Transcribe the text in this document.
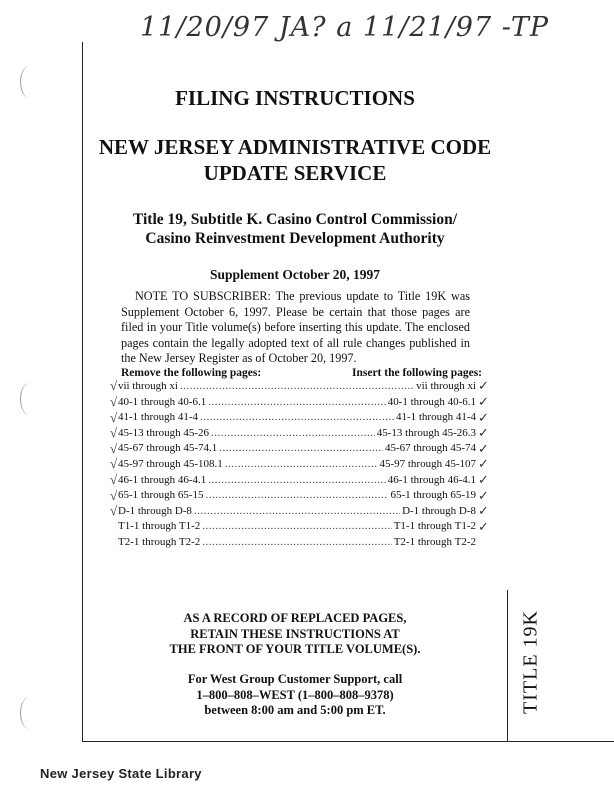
11/20/97 JA? a 11/21/97 -TP
TITLE 19K
FILING INSTRUCTIONS
NEW JERSEY ADMINISTRATIVE CODE
UPDATE SERVICE
Title 19, Subtitle K. Casino Control Commission/
Casino Reinvestment Development Authority
Supplement October 20, 1997
NOTE TO SUBSCRIBER: The previous update to Title 19K was Supplement October 6, 1997. Please be certain that those pages are filed in your Title volume(s) before inserting this update. The enclosed pages contain the legally adopted text of all rule changes published in the New Jersey Register as of October 20, 1997.
Remove the following pages:	Insert the following pages:
vii through xi .....	vii through xi
40-1 through 40-6.1 .....	40-1 through 40-6.1
41-1 through 41-4 .....	41-1 through 41-4
45-13 through 45-26 .....	45-13 through 45-26.3
45-67 through 45-74.1 .....	45-67 through 45-74
45-97 through 45-108.1 .....	45-97 through 45-107
46-1 through 46-4.1 .....	46-1 through 46-4.1
65-1 through 65-15 .....	65-1 through 65-19
D-1 through D-8 .....	D-1 through D-8
T1-1 through T1-2 .....	T1-1 through T1-2
T2-1 through T2-2 .....	T2-1 through T2-2
√
√
√
√
√
√
√
√
√
✓
✓
✓
✓
✓
✓
✓
✓
✓
✓
AS A RECORD OF REPLACED PAGES,
RETAIN THESE INSTRUCTIONS AT
THE FRONT OF YOUR TITLE VOLUME(S).
For West Group Customer Support, call
1–800–808–WEST (1–800–808–9378)
between 8:00 am and 5:00 pm ET.
New Jersey State Library
